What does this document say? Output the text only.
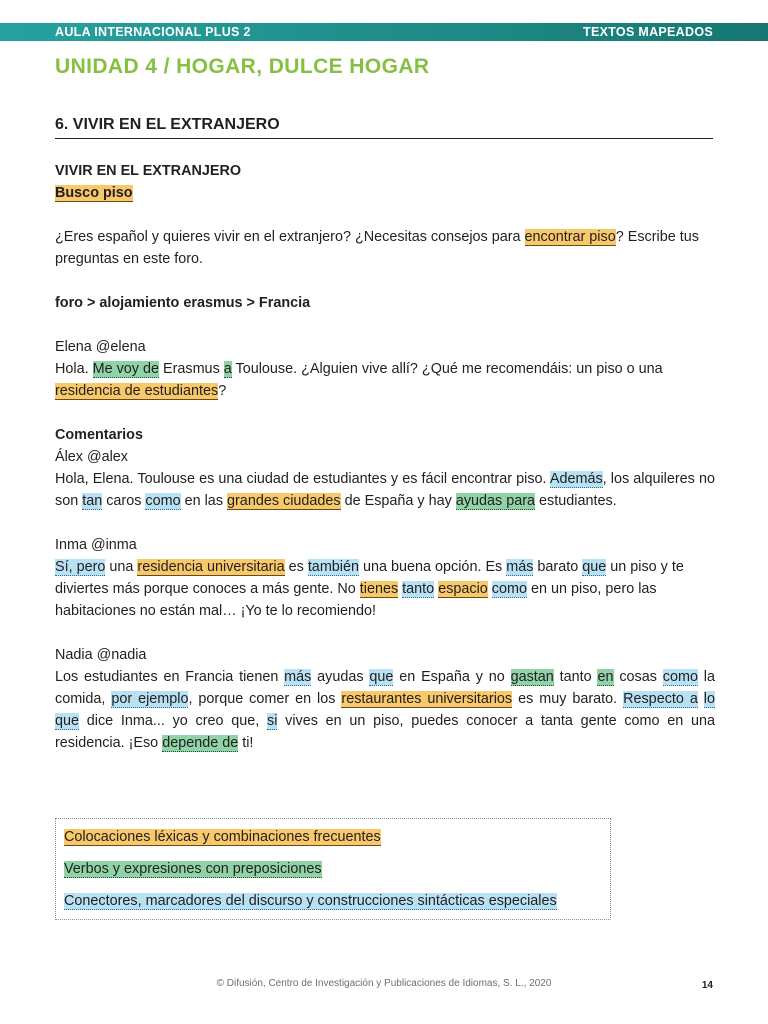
AULA INTERNACIONAL PLUS 2	TEXTOS MAPEADOS
UNIDAD 4 / HOGAR, DULCE HOGAR
6. VIVIR EN EL EXTRANJERO

VIVIR EN EL EXTRANJERO

Busco piso

¿Eres español y quieres vivir en el extranjero? ¿Necesitas consejos para encontrar piso? Escribe tus preguntas en este foro.

foro > alojamiento erasmus > Francia

Elena @elena

Hola. Me voy de Erasmus a Toulouse. ¿Alguien vive allí? ¿Qué me recomendáis: un piso o una residencia de estudiantes?

Comentarios

Álex @alex

Hola, Elena. Toulouse es una ciudad de estudiantes y es fácil encontrar piso. Además, los alquileres no son tan caros como en las grandes ciudades de España y hay ayudas para estudiantes.

Inma @inma

Sí, pero una residencia universitaria es también una buena opción. Es más barato que un piso y te diviertes más porque conoces a más gente. No tienes tanto espacio como en un piso, pero las habitaciones no están mal… ¡Yo te lo recomiendo!

Nadia @nadia

Los estudiantes en Francia tienen más ayudas que en España y no gastan tanto en cosas como la comida, por ejemplo, porque comer en los restaurantes universitarios es muy barato. Respecto a lo que dice Inma... yo creo que, si vives en un piso, puedes conocer a tanta gente como en una residencia. ¡Eso depende de ti!

Colocaciones léxicas y combinaciones frecuentes
Verbos y expresiones con preposiciones
Conectores, marcadores del discurso y construcciones sintácticas especiales
© Difusión, Centro de Investigación y Publicaciones de Idiomas, S. L., 2020	14
